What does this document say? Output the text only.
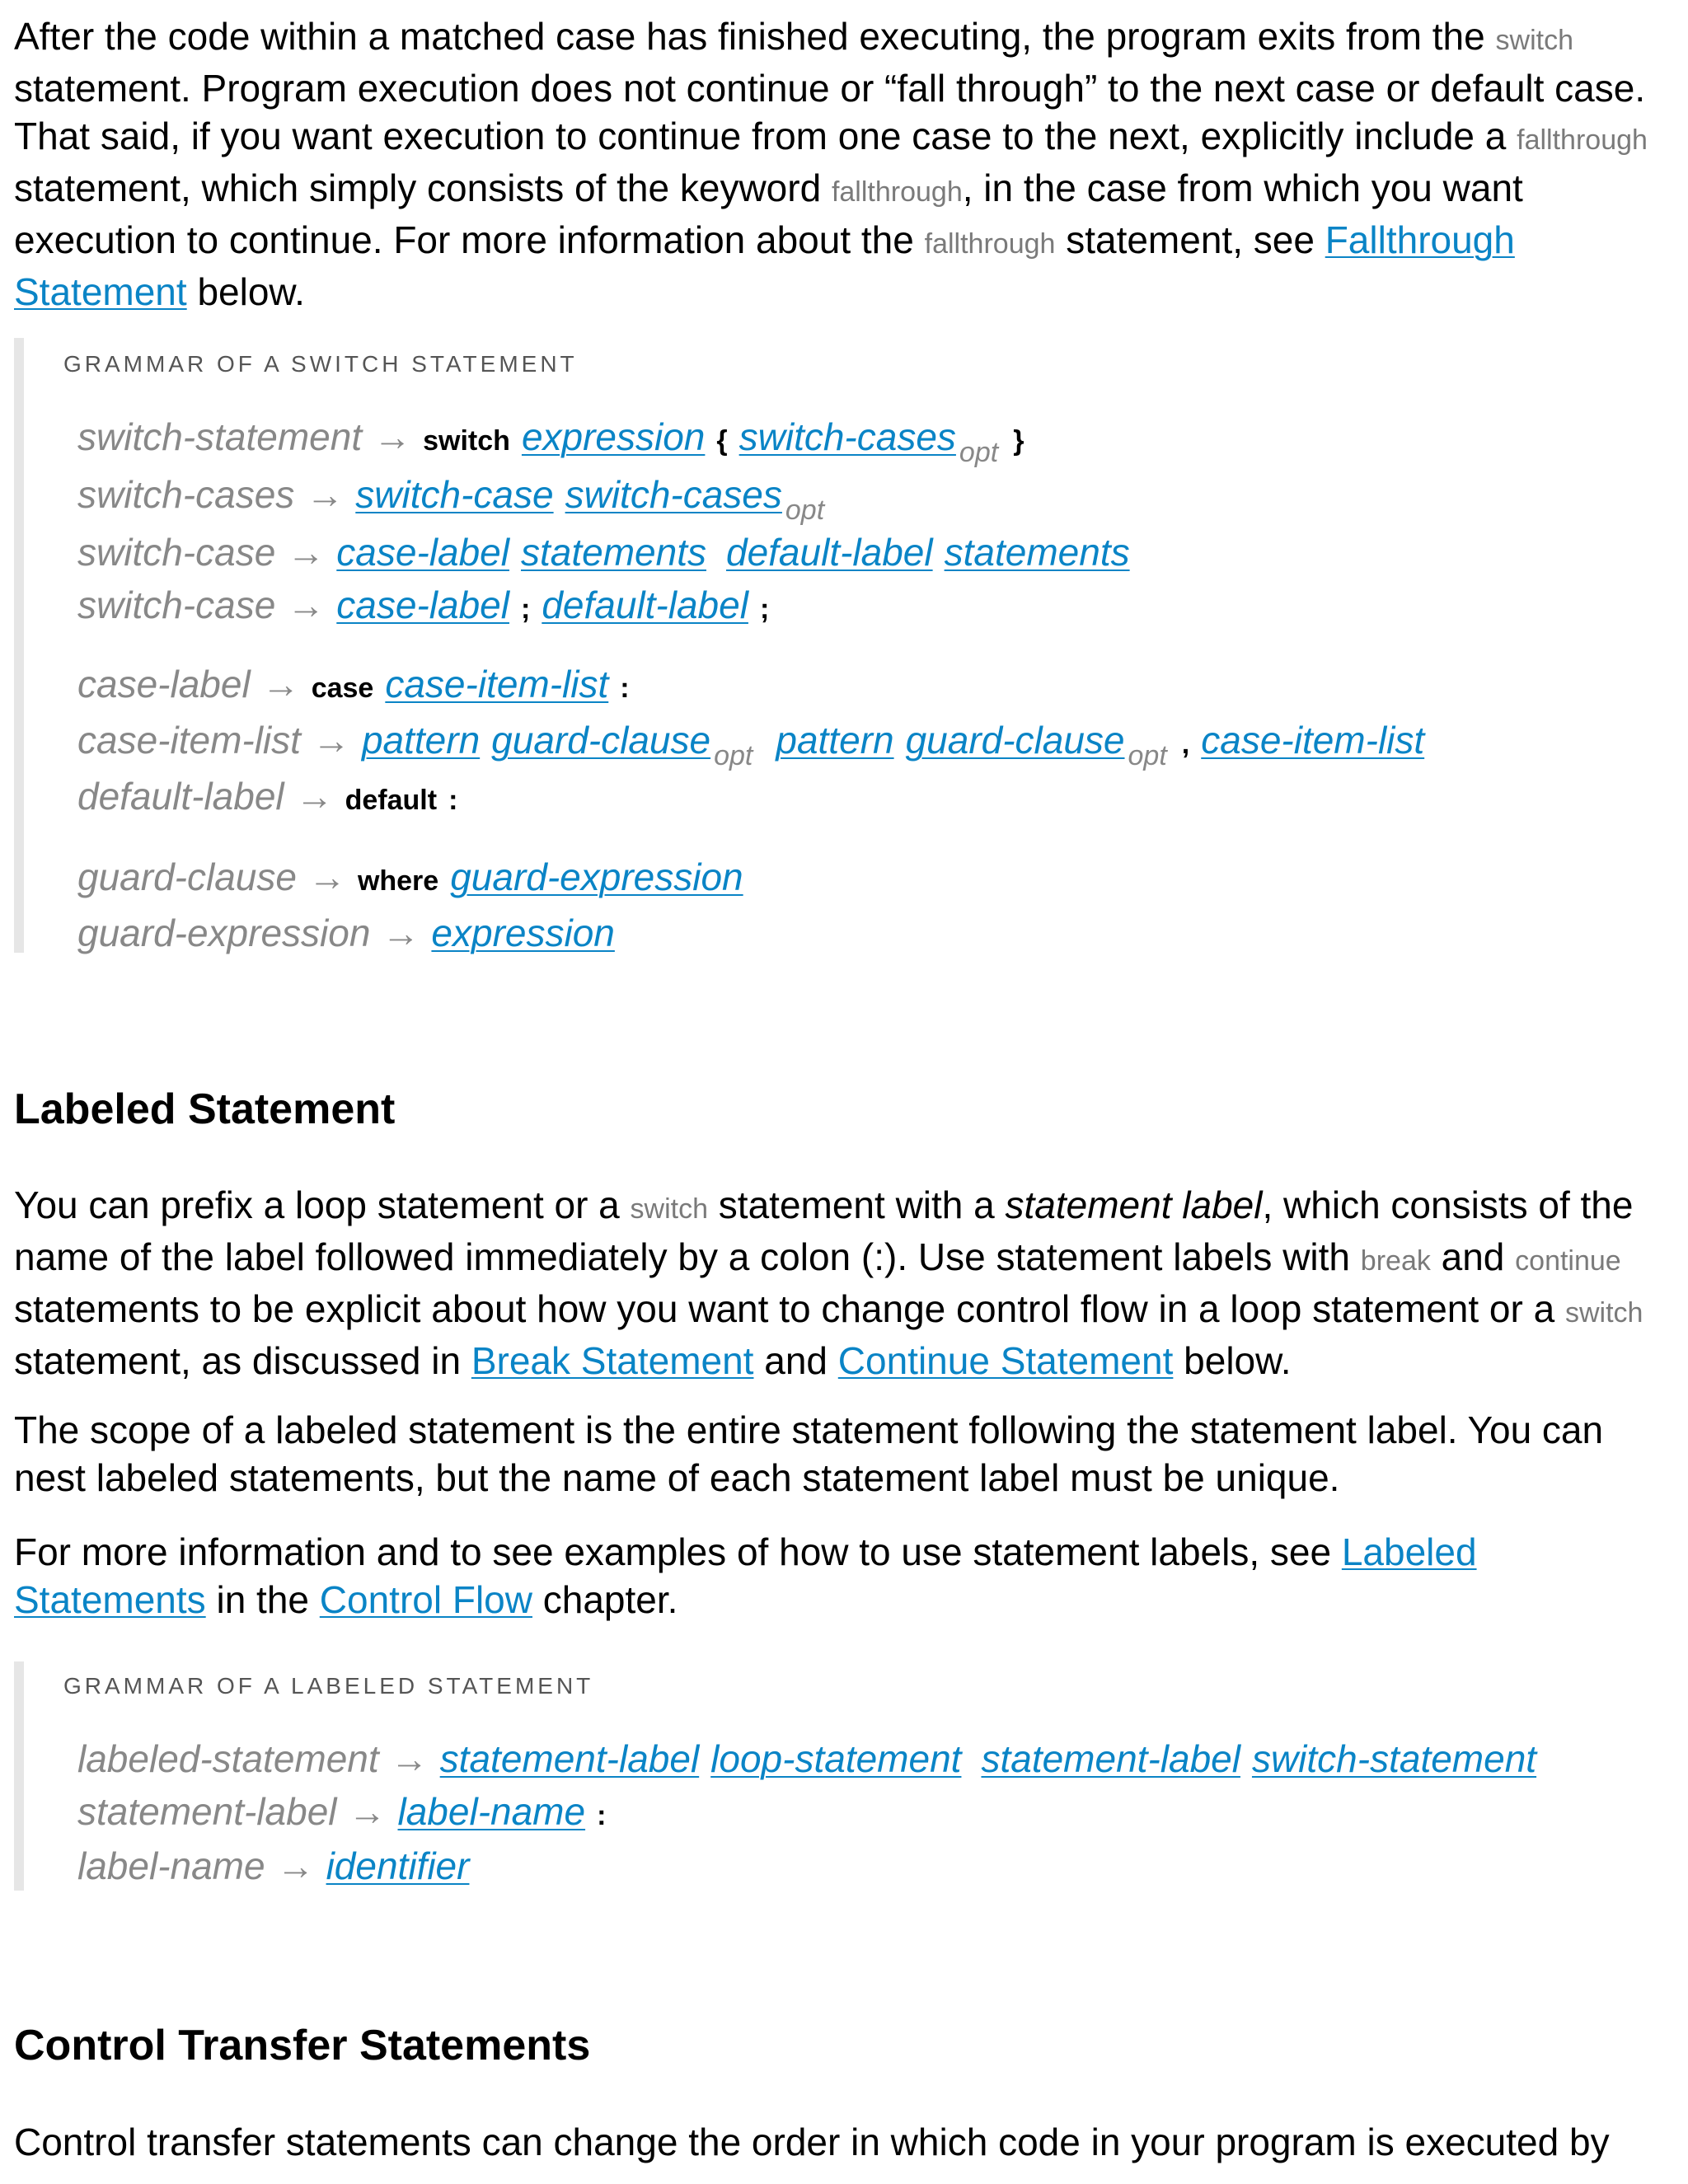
After the code within a matched case has finished executing, the program exits from the switch statement. Program execution does not continue or “fall through” to the next case or default case. That said, if you want execution to continue from one case to the next, explicitly include a fallthrough statement, which simply consists of the keyword fallthrough, in the case from which you want execution to continue. For more information about the fallthrough statement, see Fallthrough Statement below.

GRAMMAR OF A SWITCH STATEMENT
switch-statement → switch expression { switch-cases $_{opt}$ }
switch-cases → switch-case switch-cases $_{opt}$
switch-case → case-label statements default-label statements
switch-case → case-label ; default-label ;
case-label → case case-item-list :
case-item-list → pattern guard-clause $_{opt}$ pattern guard-clause $_{opt}$ , case-item-list
default-label → default :
guard-clause → where guard-expression
guard-expression → expression
Labeled Statement

You can prefix a loop statement or a switch statement with a statement label, which consists of the name of the label followed immediately by a colon (:). Use statement labels with break and continue statements to be explicit about how you want to change control flow in a loop statement or a switch statement, as discussed in Break Statement and Continue Statement below.

The scope of a labeled statement is the entire statement following the statement label. You can nest labeled statements, but the name of each statement label must be unique.

For more information and to see examples of how to use statement labels, see Labeled Statements in the Control Flow chapter.

GRAMMAR OF A LABELED STATEMENT
labeled-statement → statement-label loop-statement statement-label switch-statement
statement-label → label-name :
label-name → identifier
Control Transfer Statements

Control transfer statements can change the order in which code in your program is executed by
